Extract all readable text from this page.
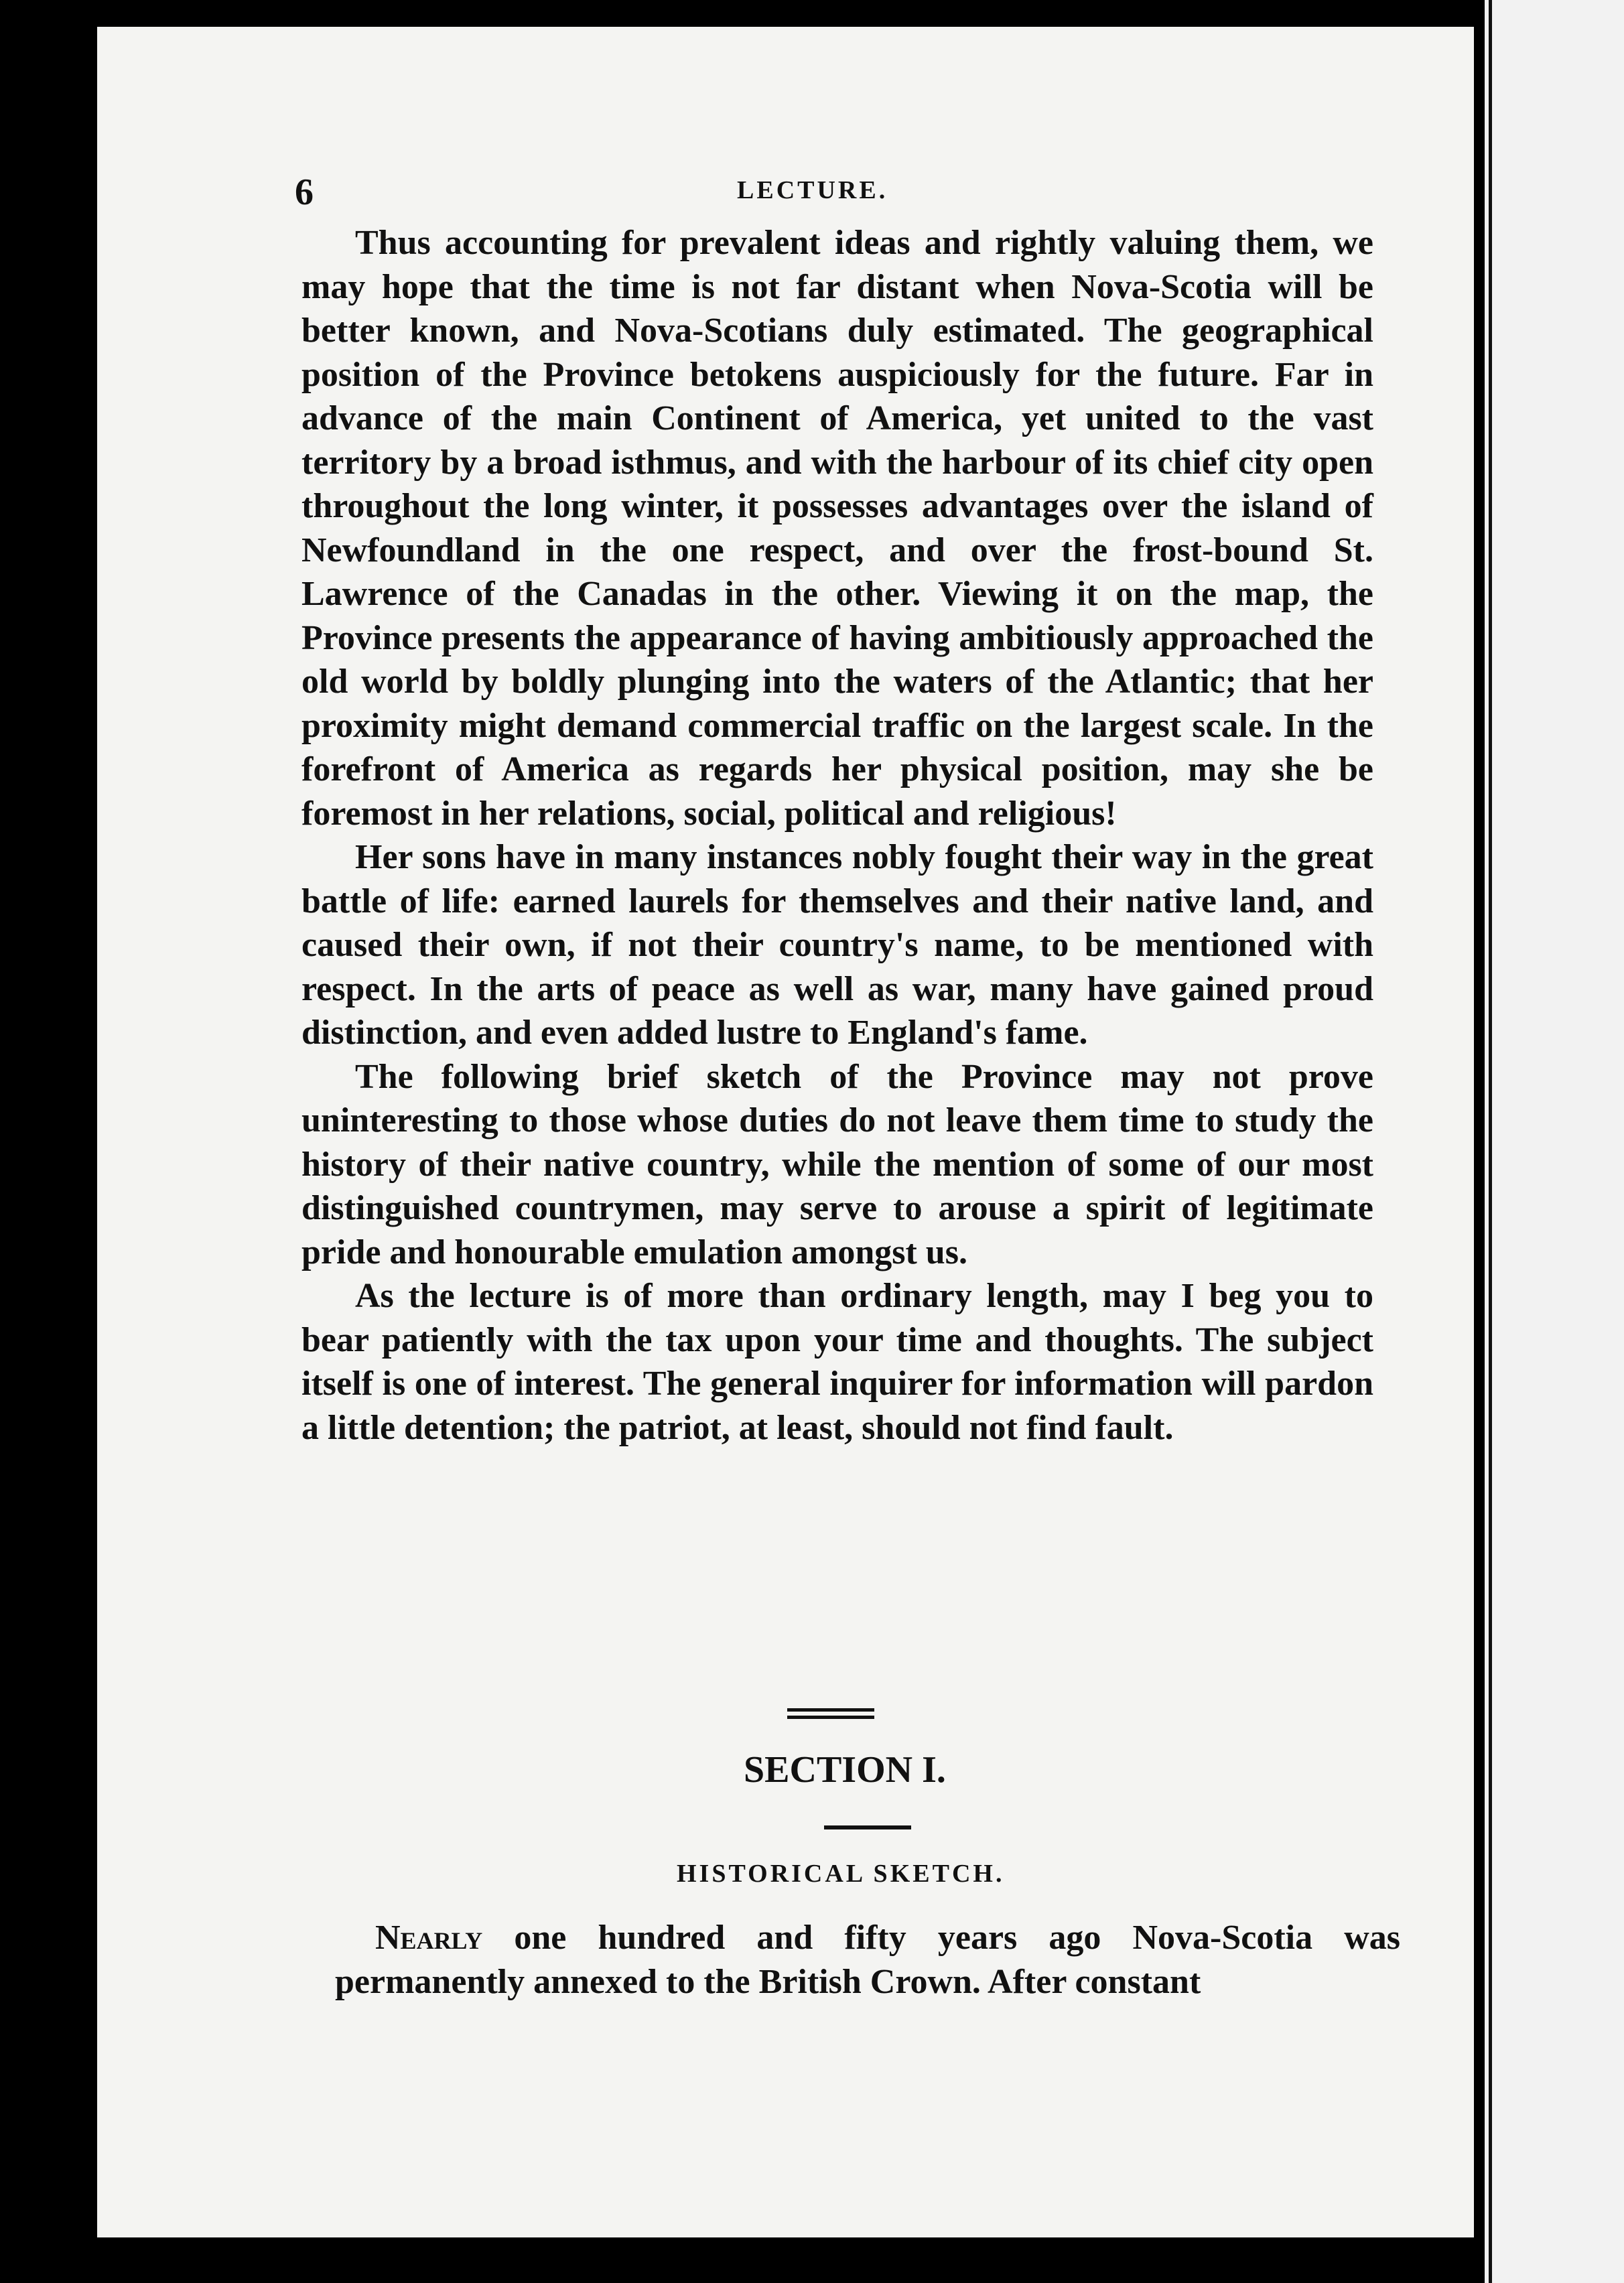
6	LECTURE.

Thus accounting for prevalent ideas and rightly valuing them, we may hope that the time is not far distant when Nova-Scotia will be better known, and Nova-Scotians duly estimated. The geographical position of the Province betokens auspiciously for the future. Far in advance of the main Continent of America, yet united to the vast territory by a broad isthmus, and with the harbour of its chief city open throughout the long winter, it possesses advantages over the island of Newfoundland in the one respect, and over the frost-bound St. Lawrence of the Canadas in the other. Viewing it on the map, the Province presents the appearance of having ambitiously approached the old world by boldly plunging into the waters of the Atlantic; that her proximity might demand commercial traffic on the largest scale. In the forefront of America as regards her physical position, may she be foremost in her relations, social, political and religious!

Her sons have in many instances nobly fought their way in the great battle of life: earned laurels for themselves and their native land, and caused their own, if not their country's name, to be mentioned with respect. In the arts of peace as well as war, many have gained proud distinction, and even added lustre to England's fame.

The following brief sketch of the Province may not prove uninteresting to those whose duties do not leave them time to study the history of their native country, while the mention of some of our most distinguished countrymen, may serve to arouse a spirit of legitimate pride and honourable emulation amongst us.

As the lecture is of more than ordinary length, may I beg you to bear patiently with the tax upon your time and thoughts. The subject itself is one of interest. The general inquirer for information will pardon a little detention; the patriot, at least, should not find fault.

SECTION I.
HISTORICAL SKETCH.

Nearly one hundred and fifty years ago Nova-Scotia was permanently annexed to the British Crown. After constant
